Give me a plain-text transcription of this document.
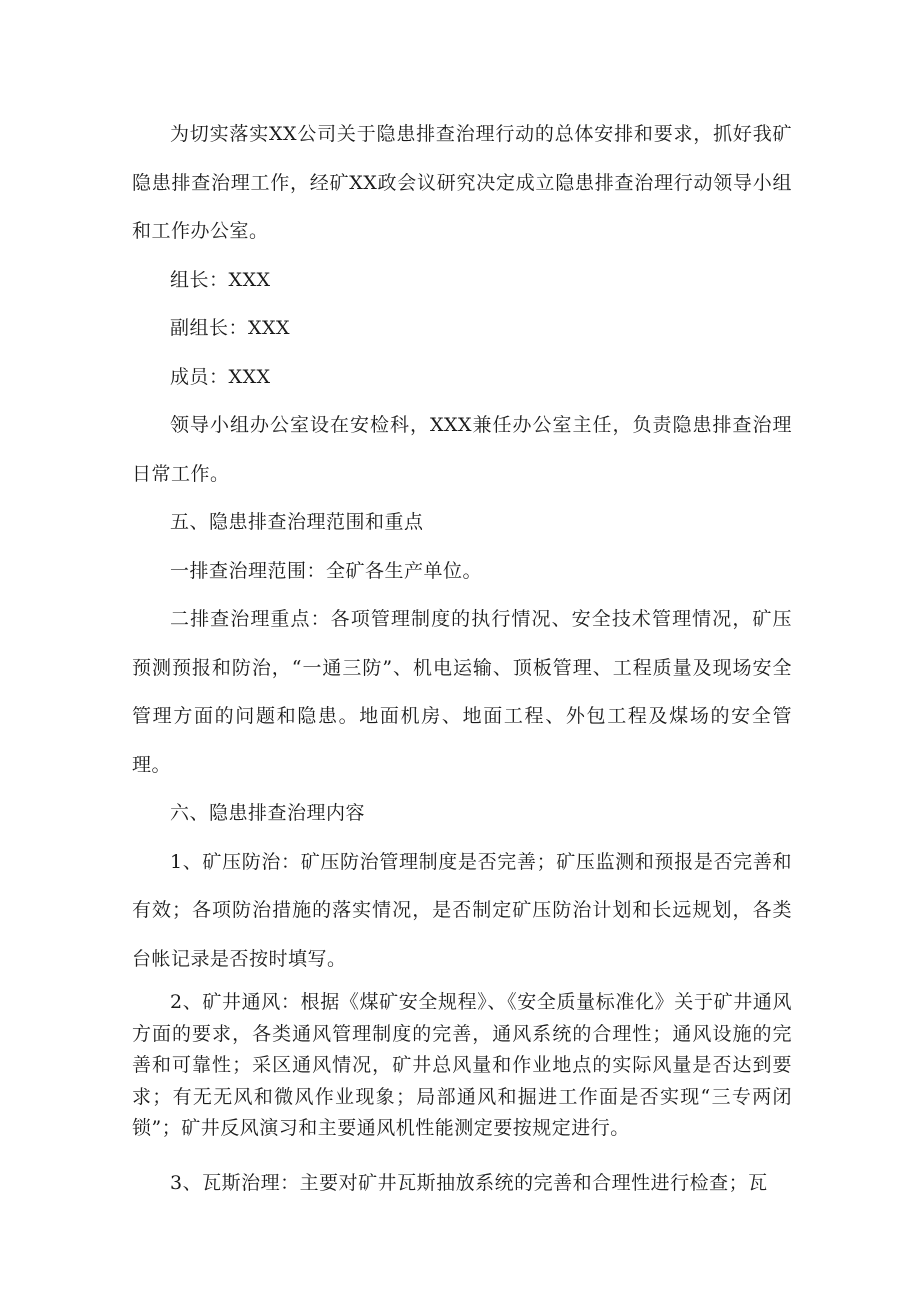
为切实落实XX公司关于隐患排查治理行动的总体安排和要求，抓好我矿隐患排查治理工作，经矿XX政会议研究决定成立隐患排查治理行动领导小组和工作办公室。

组长：XXX

副组长：XXX

成员：XXX

领导小组办公室设在安检科，XXX兼任办公室主任，负责隐患排查治理日常工作。

五、隐患排查治理范围和重点

一排查治理范围：全矿各生产单位。

二排查治理重点：各项管理制度的执行情况、安全技术管理情况，矿压预测预报和防治，“一通三防”、机电运输、顶板管理、工程质量及现场安全管理方面的问题和隐患。地面机房、地面工程、外包工程及煤场的安全管理。

六、隐患排查治理内容

1、矿压防治：矿压防治管理制度是否完善；矿压监测和预报是否完善和有效；各项防治措施的落实情况，是否制定矿压防治计划和长远规划，各类台帐记录是否按时填写。

2、矿井通风：根据《煤矿安全规程》、《安全质量标准化》关于矿井通风方面的要求，各类通风管理制度的完善，通风系统的合理性；通风设施的完善和可靠性；采区通风情况，矿井总风量和作业地点的实际风量是否达到要求；有无无风和微风作业现象；局部通风和掘进工作面是否实现“三专两闭锁”；矿井反风演习和主要通风机性能测定要按规定进行。

3、瓦斯治理：主要对矿井瓦斯抽放系统的完善和合理性进行检查；瓦
